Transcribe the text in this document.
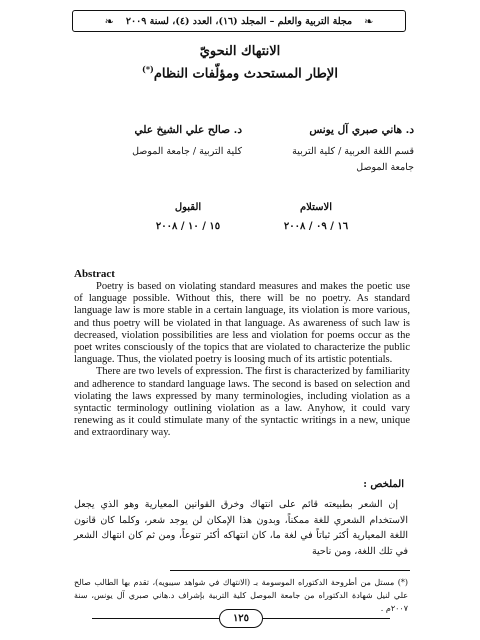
❧
مجلة التربية والعلم – المجلد (١٦)، العدد (٤)، لسنة ٢٠٠٩
❧
الانتهاك النحويّ
الإطار المستحدث ومؤلّفات النظام(*)
د. هاني صبري آل يونس
قسم اللغة العربية / كلية التربية
جامعة الموصل
د. صالح علي الشيخ علي
كلية التربية / جامعة الموصل
الاستلام
١٦ / ٠٩ / ٢٠٠٨
القبول
١٥ / ١٠ / ٢٠٠٨
Abstract

Poetry is based on violating standard measures and makes the poetic use of language possible. Without this, there will be no poetry. As standard language law is more stable in a certain language, its violation is more various, and thus poetry will be violated in that language. As awareness of such law is decreased, violation possibilities are less and violation for poems occur as the poet writes consciously of the topics that are violated to characterize the public language. Thus, the violated poetry is loosing much of its artistic potentials.

There are two levels of expression. The first is characterized by familiarity and adherence to standard language laws. The second is based on selection and violating the laws expressed by many terminologies, including violation as a syntactic terminology outlining violation as a law. Anyhow, it could vary renewing as it could stimulate many of the syntactic writings in a new, unique and extraordinary way.

الملخص :

إن الشعر بطبيعته قائم على انتهاك وخرق القوانين المعيارية وهو الذي يجعل الاستخدام الشعري للغة ممكناً، وبدون هذا الإمكان لن يوجد شعر، وكلما كان قانون اللغة المعيارية أكثر ثباتاً في لغة ما، كان انتهاكه أكثر تنوعاً، ومن ثم كان انتهاك الشعر في تلك اللغة، ومن ناحية

(*) مستل من أطروحة الدكتوراه الموسومة بـ (الانتهاك في شواهد سيبويه)، تقدم بها الطالب صالح علي لنيل شهادة الدكتوراه من جامعة الموصل كلية التربية بإشراف د.هاني صبري آل يونس، سنة ٢٠٠٧م .

١٢٥
